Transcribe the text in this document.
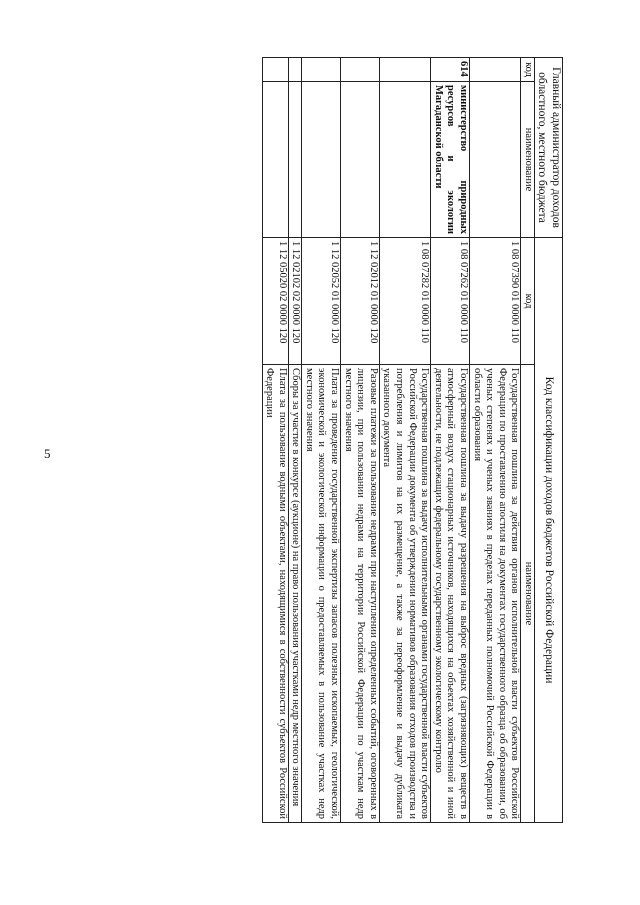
5
Главный администратор доходов областного, местного бюджета		Код классификации доходов бюджетов Российской Федерации	
код	наименование	код	наименование
		1 08 07390 01 0000 110	Государственная пошлина за действия органов исполнительной власти субъектов Российской Федерации по проставлению апостиля на документах государственного образца об образовании, об ученых степенях и ученых званиях в пределах переданных полномочий Российской Федерации в области образования
614	министерство природных ресурсов и экологии Магаданской области	1 08 07262 01 0000 110	Государственная пошлина за выдачу разрешения на выброс вредных (загрязняющих) веществ в атмосферный воздух стационарных источников, находящихся на объектах хозяйственной и иной деятельности, не подлежащих федеральному государственному экологическому контролю
		1 08 07282 01 0000 110	Государственная пошлина за выдачу исполнительными органами государственной власти субъектов Российской Федерации документа об утверждении нормативов образования отходов производства и потребления и лимитов на их размещение, а также за переоформление и выдачу дубликата указанного документа
		1 12 02012 01 0000 120	Разовые платежи за пользование недрами при наступлении определенных событий, оговоренных в лицензии, при пользовании недрами на территории Российской Федерации по участкам недр местного значения
		1 12 02052 01 0000 120	Плата за проведение государственной экспертизы запасов полезных ископаемых, геологической, экономической и экологической информации о предоставляемых в пользование участках недр местного значения
		1 12 02102 02 0000 120	Сборы за участие в конкурсе (аукционе) на право пользования участками недр местного значения
		1 12 05020 02 0000 120	Плата за пользование водными объектами, находящимися в собственности субъектов Российской Федерации
